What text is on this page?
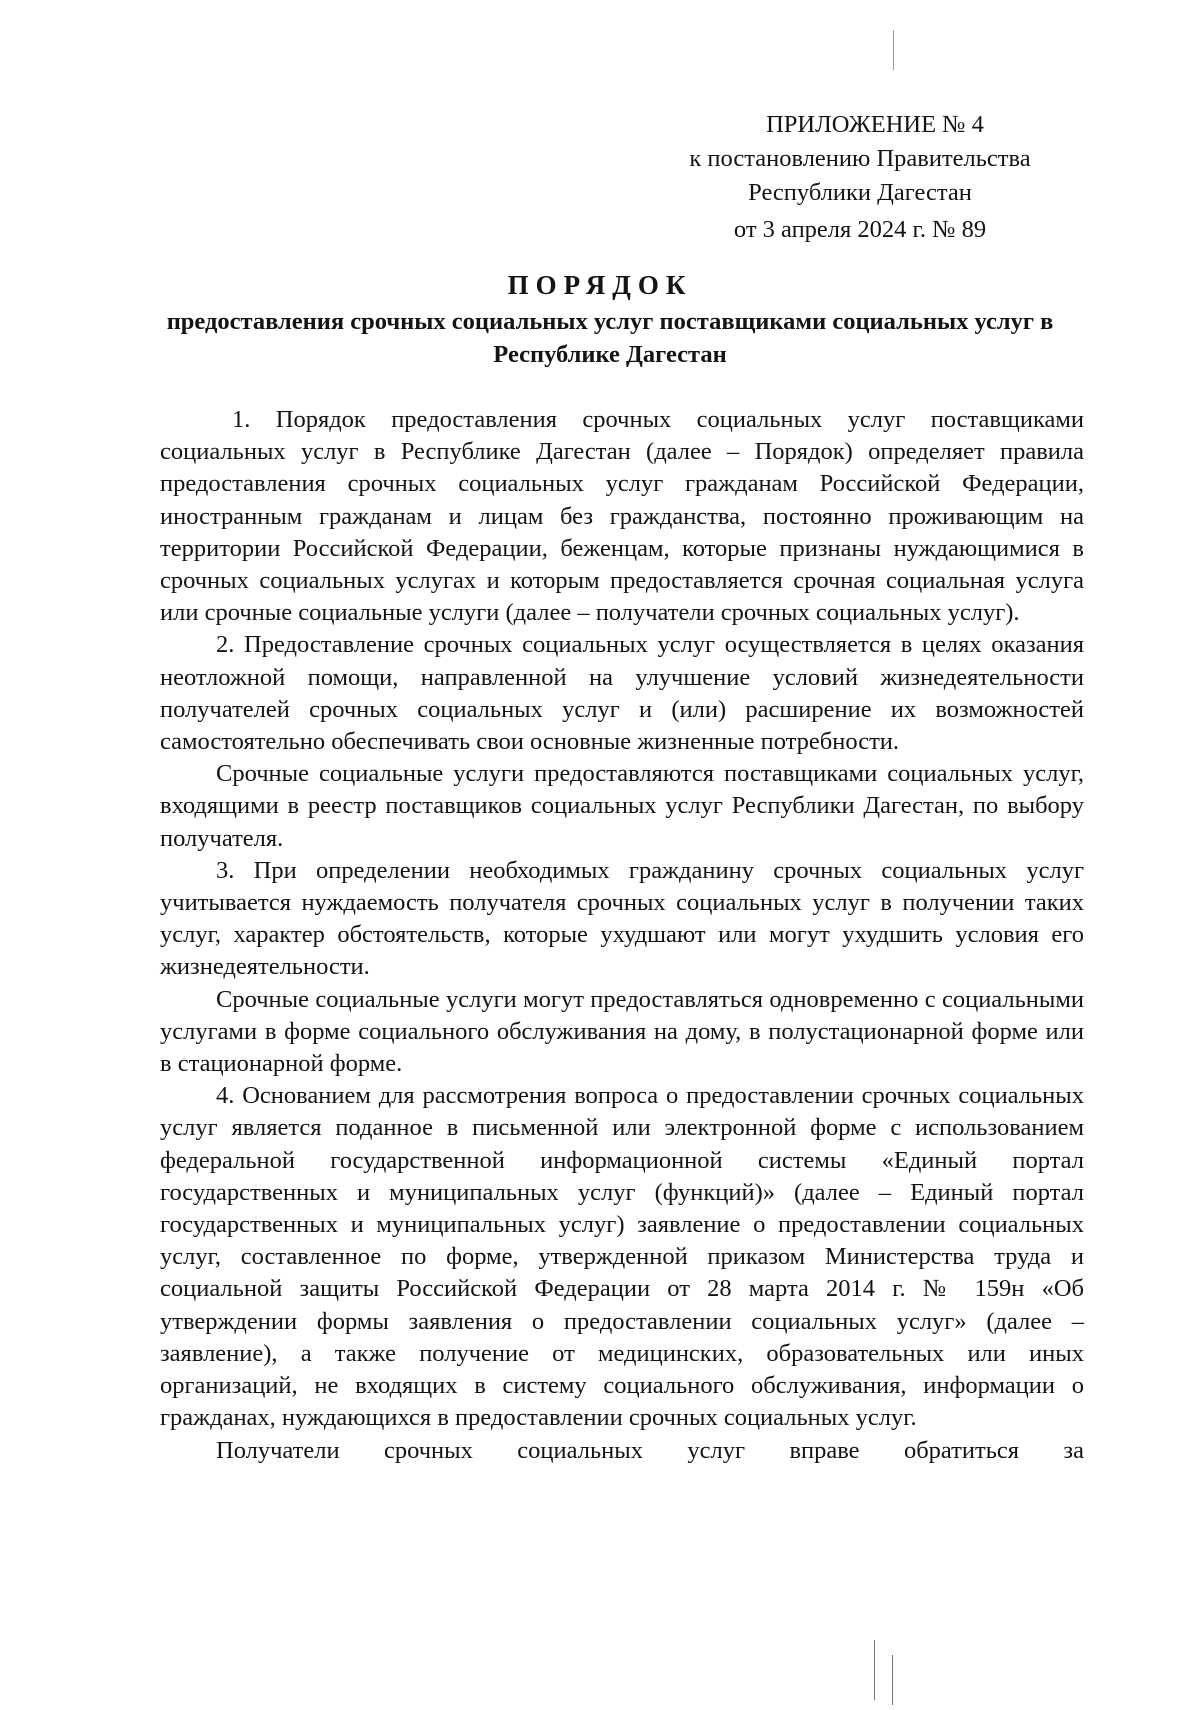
ПРИЛОЖЕНИЕ № 4
к постановлению Правительства
Республики Дагестан
от 3 апреля 2024 г. № 89
ПОРЯДОК
предоставления срочных социальных услуг поставщиками социальных услуг в Республике Дагестан

1. Порядок предоставления срочных социальных услуг поставщиками социальных услуг в Республике Дагестан (далее – Порядок) определяет правила предоставления срочных социальных услуг гражданам Российской Федерации, иностранным гражданам и лицам без гражданства, постоянно проживающим на территории Российской Федерации, беженцам, которые признаны нуждающимися в срочных социальных услугах и которым предоставляется срочная социальная услуга или срочные социальные услуги (далее – получатели срочных социальных услуг).

2. Предоставление срочных социальных услуг осуществляется в целях оказания неотложной помощи, направленной на улучшение условий жизнедеятельности получателей срочных социальных услуг и (или) расширение их возможностей самостоятельно обеспечивать свои основные жизненные потребности.

Срочные социальные услуги предоставляются поставщиками социальных услуг, входящими в реестр поставщиков социальных услуг Республики Дагестан, по выбору получателя.

3. При определении необходимых гражданину срочных социальных услуг учитывается нуждаемость получателя срочных социальных услуг в получении таких услуг, характер обстоятельств, которые ухудшают или могут ухудшить условия его жизнедеятельности.

Срочные социальные услуги могут предоставляться одновременно с социальными услугами в форме социального обслуживания на дому, в полустационарной форме или в стационарной форме.

4. Основанием для рассмотрения вопроса о предоставлении срочных социальных услуг является поданное в письменной или электронной форме с использованием федеральной государственной информационной системы «Единый портал государственных и муниципальных услуг (функций)» (далее – Единый портал государственных и муниципальных услуг) заявление о предоставлении социальных услуг, составленное по форме, утвержденной приказом Министерства труда и социальной защиты Российской Федерации от 28 марта 2014 г. № 159н «Об утверждении формы заявления о предоставлении социальных услуг» (далее – заявление), а также получение от медицинских, образовательных или иных организаций, не входящих в систему социального обслуживания, информации о гражданах, нуждающихся в предоставлении срочных социальных услуг.

Получатели срочных социальных услуг вправе обратиться за
